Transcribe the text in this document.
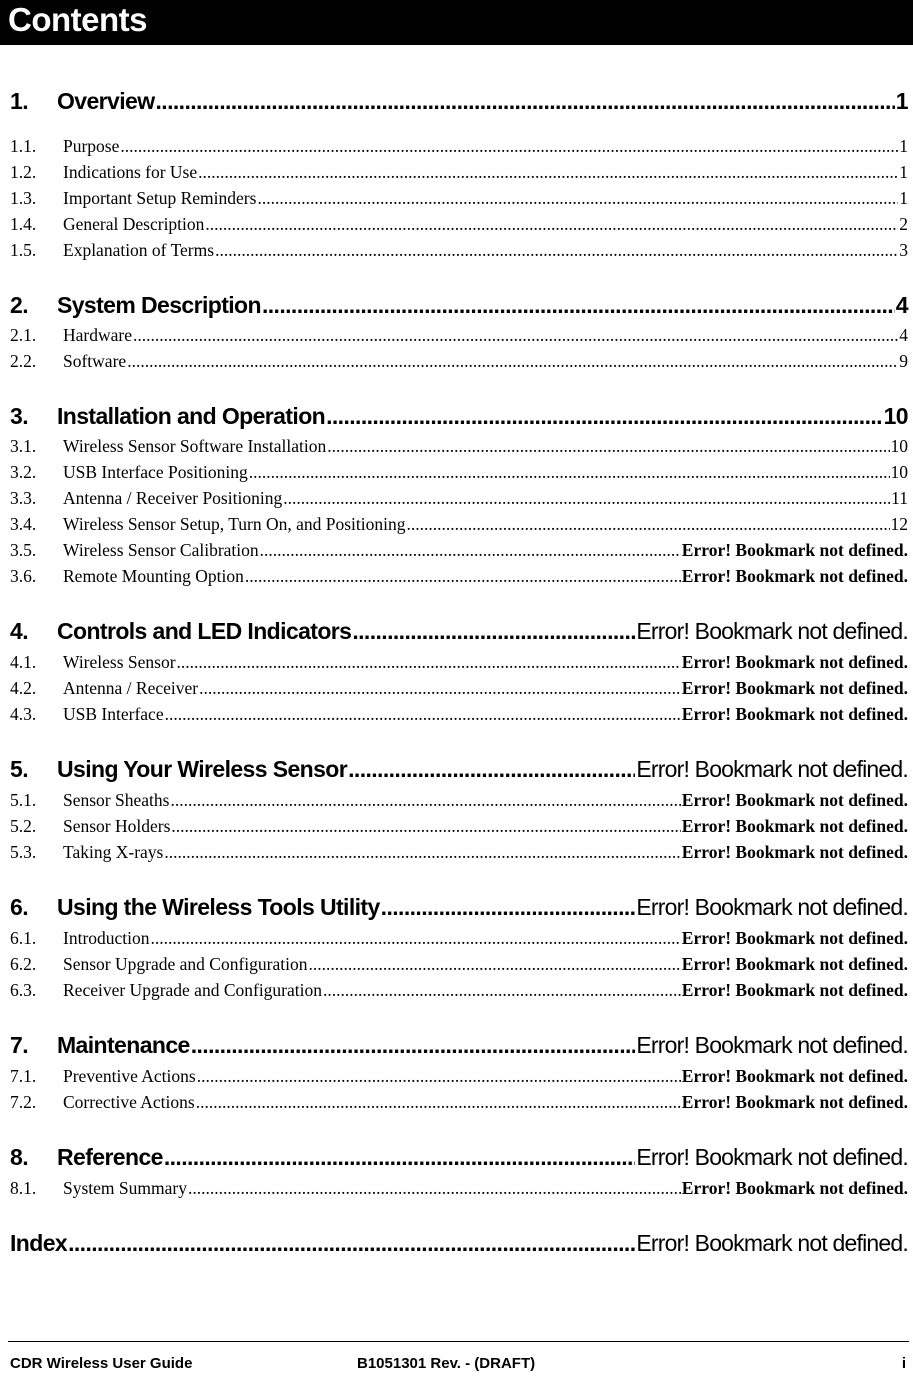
Contents
1.	Overview .....	1
1.1.	Purpose .....	1
1.2.	Indications for Use .....	1
1.3.	Important Setup Reminders .....	1
1.4.	General Description .....	2
1.5.	Explanation of Terms .....	3
2.	System Description .....	4
2.1.	Hardware .....	4
2.2.	Software .....	9
3.	Installation and Operation .....	10
3.1.	Wireless Sensor Software Installation .....	10
3.2.	USB Interface Positioning .....	10
3.3.	Antenna / Receiver Positioning .....	11
3.4.	Wireless Sensor Setup, Turn On, and Positioning .....	12
3.5.	Wireless Sensor Calibration .....	Error! Bookmark not defined.
3.6.	Remote Mounting Option .....	Error! Bookmark not defined.
4.	Controls and LED Indicators .....	Error! Bookmark not defined.
4.1.	Wireless Sensor .....	Error! Bookmark not defined.
4.2.	Antenna / Receiver .....	Error! Bookmark not defined.
4.3.	USB Interface .....	Error! Bookmark not defined.
5.	Using Your Wireless Sensor .....	Error! Bookmark not defined.
5.1.	Sensor Sheaths .....	Error! Bookmark not defined.
5.2.	Sensor Holders .....	Error! Bookmark not defined.
5.3.	Taking X-rays .....	Error! Bookmark not defined.
6.	Using the Wireless Tools Utility .....	Error! Bookmark not defined.
6.1.	Introduction .....	Error! Bookmark not defined.
6.2.	Sensor Upgrade and Configuration .....	Error! Bookmark not defined.
6.3.	Receiver Upgrade and Configuration .....	Error! Bookmark not defined.
7.	Maintenance .....	Error! Bookmark not defined.
7.1.	Preventive Actions .....	Error! Bookmark not defined.
7.2.	Corrective Actions .....	Error! Bookmark not defined.
8.	Reference .....	Error! Bookmark not defined.
8.1.	System Summary .....	Error! Bookmark not defined.
Index .....	Error! Bookmark not defined.
CDR Wireless User Guide	B1051301 Rev. - (DRAFT)	i
